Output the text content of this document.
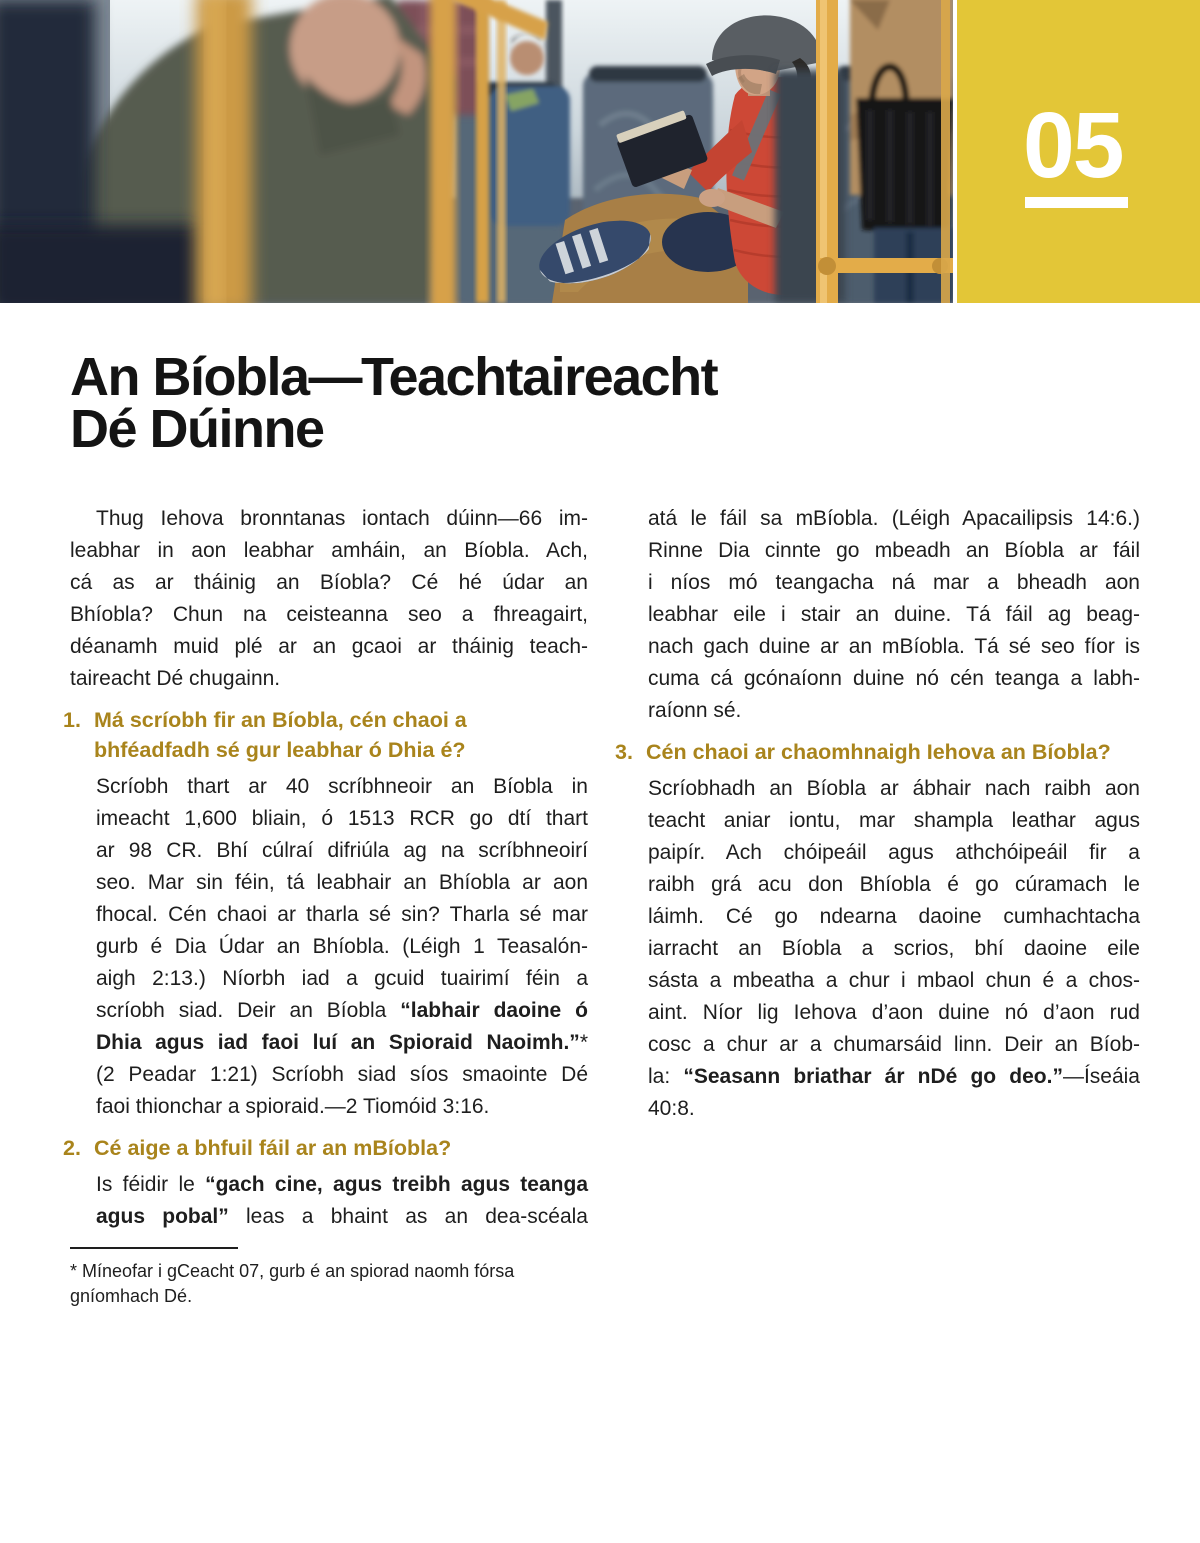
05
An Bíobla—Teachtaireacht
Dé Dúinne
Thug Iehova bronntanas iontach dúinn—66 im-
leabhar in aon leabhar amháin, an Bíobla. Ach,
cá as ar tháinig an Bíobla? Cé hé údar an
Bhíobla? Chun na ceisteanna seo a fhreagairt,
déanamh muid plé ar an gcaoi ar tháinig teach-
taireacht Dé chugainn.
1. Má scríobh fir an Bíobla, cén chaoi a
bhféadfadh sé gur leabhar ó Dhia é?
Scríobh thart ar 40 scríbhneoir an Bíobla in
imeacht 1,600 bliain, ó 1513 RCR go dtí thart
ar 98 CR. Bhí cúlraí difriúla ag na scríbhneoirí
seo. Mar sin féin, tá leabhair an Bhíobla ar aon
fhocal. Cén chaoi ar tharla sé sin? Tharla sé mar
gurb é Dia Údar an Bhíobla. (Léigh 1 Teasalón-
aigh 2:13.) Níorbh iad a gcuid tuairimí féin a
scríobh siad. Deir an Bíobla “labhair daoine ó
Dhia agus iad faoi luí an Spioraid Naoimh.”*
(2 Peadar 1:21) Scríobh siad síos smaointe Dé
faoi thionchar a spioraid.—2 Tiomóid 3:16.
2. Cé aige a bhfuil fáil ar an mBíobla?
Is féidir le “gach cine, agus treibh agus teanga
agus pobal” leas a bhaint as an dea-scéala
* Míneofar i gCeacht 07, gurb é an spiorad naomh fórsa
gníomhach Dé.
atá le fáil sa mBíobla. (Léigh Apacailipsis 14:6.)
Rinne Dia cinnte go mbeadh an Bíobla ar fáil
i níos mó teangacha ná mar a bheadh aon
leabhar eile i stair an duine. Tá fáil ag beag-
nach gach duine ar an mBíobla. Tá sé seo fíor is
cuma cá gcónaíonn duine nó cén teanga a labh-
raíonn sé.
3. Cén chaoi ar chaomhnaigh Iehova an Bíobla?
Scríobhadh an Bíobla ar ábhair nach raibh aon
teacht aniar iontu, mar shampla leathar agus
paipír. Ach chóipeáil agus athchóipeáil fir a
raibh grá acu don Bhíobla é go cúramach le
láimh. Cé go ndearna daoine cumhachtacha
iarracht an Bíobla a scrios, bhí daoine eile
sásta a mbeatha a chur i mbaol chun é a chos-
aint. Níor lig Iehova d’aon duine nó d’aon rud
cosc a chur ar a chumarsáid linn. Deir an Bíob-
la: “Seasann briathar ár nDé go deo.”—Íseáia
40:8.
